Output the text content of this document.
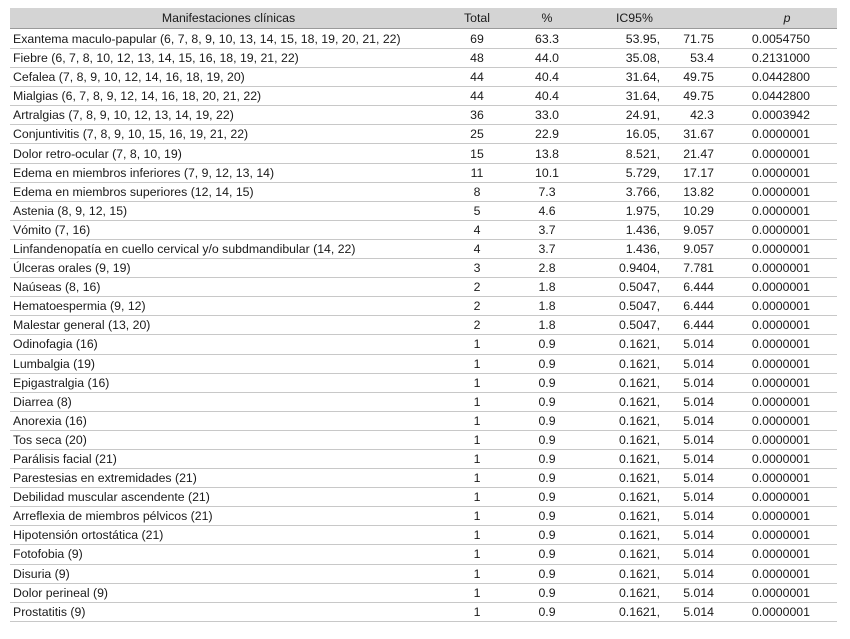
Manifestaciones clínicas	Total	%	IC95%	p
Exantema maculo-papular (6, 7, 8, 9, 10, 13, 14, 15, 18, 19, 20, 21, 22)	69	63.3	53.95, 71.75	0.0054750
Fiebre (6, 7, 8, 10, 12, 13, 14, 15, 16, 18, 19, 21, 22)	48	44.0	35.08, 53.4	0.2131000
Cefalea (7, 8, 9, 10, 12, 14, 16, 18, 19, 20)	44	40.4	31.64, 49.75	0.0442800
Mialgias (6, 7, 8, 9, 12, 14, 16, 18, 20, 21, 22)	44	40.4	31.64, 49.75	0.0442800
Artralgias (7, 8, 9, 10, 12, 13, 14, 19, 22)	36	33.0	24.91, 42.3	0.0003942
Conjuntivitis (7, 8, 9, 10, 15, 16, 19, 21, 22)	25	22.9	16.05, 31.67	0.0000001
Dolor retro-ocular (7, 8, 10, 19)	15	13.8	8.521, 21.47	0.0000001
Edema en miembros inferiores (7, 9, 12, 13, 14)	11	10.1	5.729, 17.17	0.0000001
Edema en miembros superiores (12, 14, 15)	8	7.3	3.766, 13.82	0.0000001
Astenia (8, 9, 12, 15)	5	4.6	1.975, 10.29	0.0000001
Vómito (7, 16)	4	3.7	1.436, 9.057	0.0000001
Linfandenopatía en cuello cervical y/o subdmandibular (14, 22)	4	3.7	1.436, 9.057	0.0000001
Úlceras orales (9, 19)	3	2.8	0.9404, 7.781	0.0000001
Naúseas (8, 16)	2	1.8	0.5047, 6.444	0.0000001
Hematoespermia (9, 12)	2	1.8	0.5047, 6.444	0.0000001
Malestar general (13, 20)	2	1.8	0.5047, 6.444	0.0000001
Odinofagia (16)	1	0.9	0.1621, 5.014	0.0000001
Lumbalgia (19)	1	0.9	0.1621, 5.014	0.0000001
Epigastralgia (16)	1	0.9	0.1621, 5.014	0.0000001
Diarrea (8)	1	0.9	0.1621, 5.014	0.0000001
Anorexia (16)	1	0.9	0.1621, 5.014	0.0000001
Tos seca (20)	1	0.9	0.1621, 5.014	0.0000001
Parálisis facial (21)	1	0.9	0.1621, 5.014	0.0000001
Parestesias en extremidades (21)	1	0.9	0.1621, 5.014	0.0000001
Debilidad muscular ascendente (21)	1	0.9	0.1621, 5.014	0.0000001
Arreflexia de miembros pélvicos (21)	1	0.9	0.1621, 5.014	0.0000001
Hipotensión ortostática (21)	1	0.9	0.1621, 5.014	0.0000001
Fotofobia (9)	1	0.9	0.1621, 5.014	0.0000001
Disuria (9)	1	0.9	0.1621, 5.014	0.0000001
Dolor perineal (9)	1	0.9	0.1621, 5.014	0.0000001
Prostatitis (9)	1	0.9	0.1621, 5.014	0.0000001
